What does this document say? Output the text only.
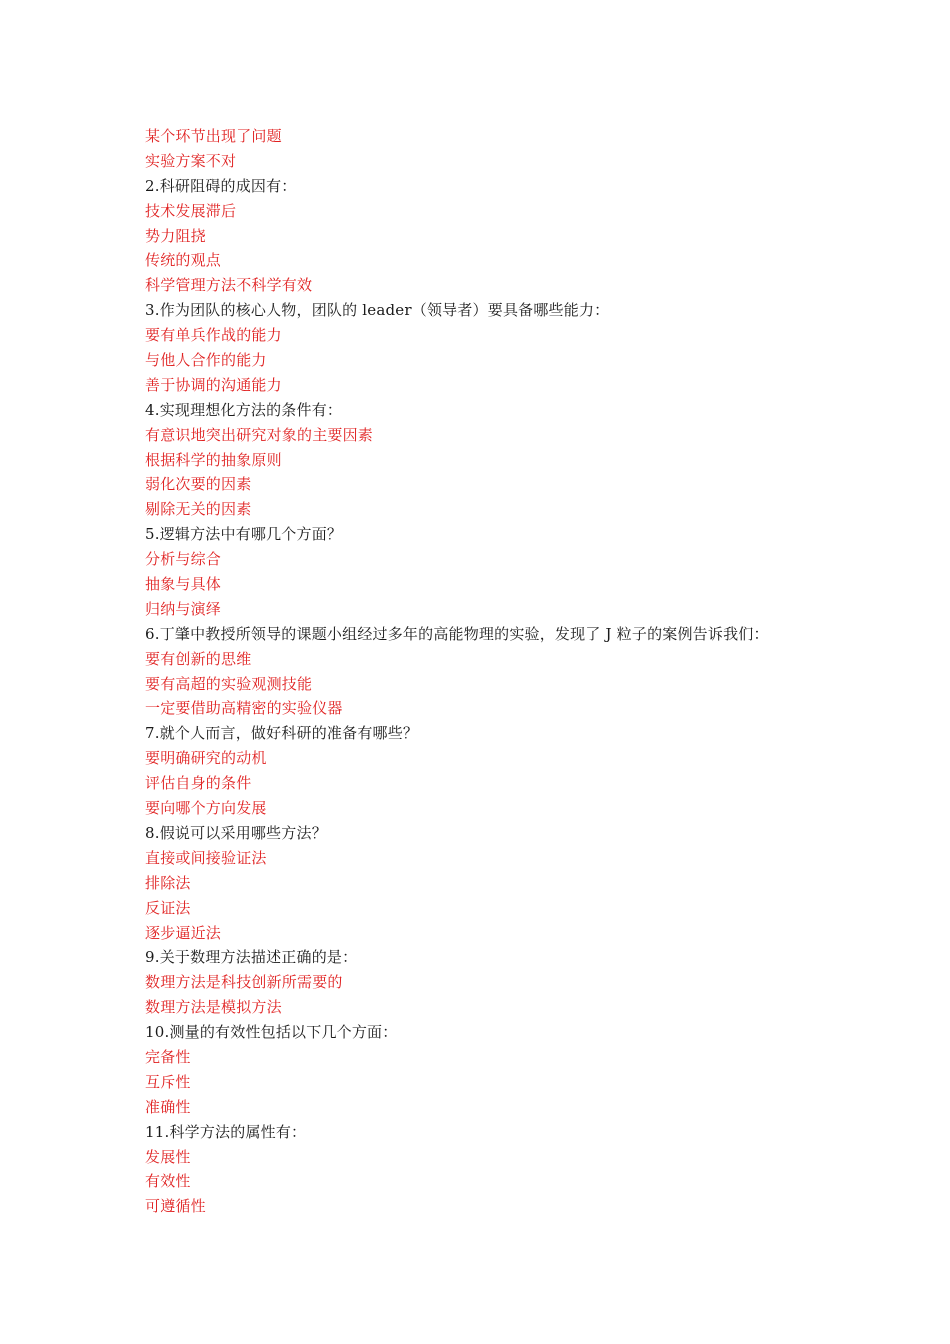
某个环节出现了问题
实验方案不对
2.科研阻碍的成因有：
技术发展滞后
势力阻挠
传统的观点
科学管理方法不科学有效
3.作为团队的核心人物，团队的 leader（领导者）要具备哪些能力：
要有单兵作战的能力
与他人合作的能力
善于协调的沟通能力
4.实现理想化方法的条件有：
有意识地突出研究对象的主要因素
根据科学的抽象原则
弱化次要的因素
剔除无关的因素
5.逻辑方法中有哪几个方面？
分析与综合
抽象与具体
归纳与演绎
6.丁肇中教授所领导的课题小组经过多年的高能物理的实验，发现了 J 粒子的案例告诉我们：
要有创新的思维
要有高超的实验观测技能
一定要借助高精密的实验仪器
7.就个人而言，做好科研的准备有哪些？
要明确研究的动机
评估自身的条件
要向哪个方向发展
8.假说可以采用哪些方法？
直接或间接验证法
排除法
反证法
逐步逼近法
9.关于数理方法描述正确的是：
数理方法是科技创新所需要的
数理方法是模拟方法
10.测量的有效性包括以下几个方面：
完备性
互斥性
准确性
11.科学方法的属性有：
发展性
有效性
可遵循性
